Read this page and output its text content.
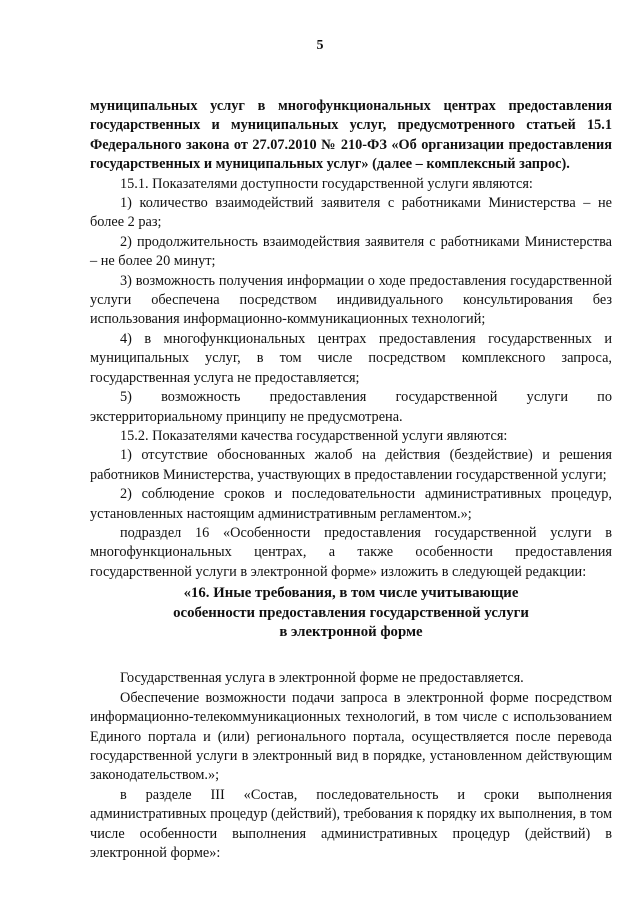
5

муниципальных услуг в многофункциональных центрах предоставления государственных и муниципальных услуг, предусмотренного статьей 15.1 Федерального закона от 27.07.2010 № 210-ФЗ «Об организации предоставления государственных и муниципальных услуг» (далее – комплексный запрос).

15.1. Показателями доступности государственной услуги являются:

1) количество взаимодействий заявителя с работниками Министерства – не более 2 раз;

2) продолжительность взаимодействия заявителя с работниками Министерства – не более 20 минут;

3) возможность получения информации о ходе предоставления государственной услуги обеспечена посредством индивидуального консультирования без использования информационно-коммуникационных технологий;

4) в многофункциональных центрах предоставления государственных и муниципальных услуг, в том числе посредством комплексного запроса, государственная услуга не предоставляется;

5) возможность предоставления государственной услуги по экстерриториальному принципу не предусмотрена.

15.2. Показателями качества государственной услуги являются:

1) отсутствие обоснованных жалоб на действия (бездействие) и решения работников Министерства, участвующих в предоставлении государственной услуги;

2) соблюдение сроков и последовательности административных процедур, установленных настоящим административным регламентом.»;

подраздел 16 «Особенности предоставления государственной услуги в многофункциональных центрах, а также особенности предоставления государственной услуги в электронной форме» изложить в следующей редакции:

«16. Иные требования, в том числе учитывающие
особенности предоставления государственной услуги
в электронной форме

Государственная услуга в электронной форме не предоставляется.

Обеспечение возможности подачи запроса в электронной форме посредством информационно-телекоммуникационных технологий, в том числе с использованием Единого портала и (или) регионального портала, осуществляется после перевода государственной услуги в электронный вид в порядке, установленном действующим законодательством.»;

в разделе III «Состав, последовательность и сроки выполнения административных процедур (действий), требования к порядку их выполнения, в том числе особенности выполнения административных процедур (действий) в электронной форме»:
